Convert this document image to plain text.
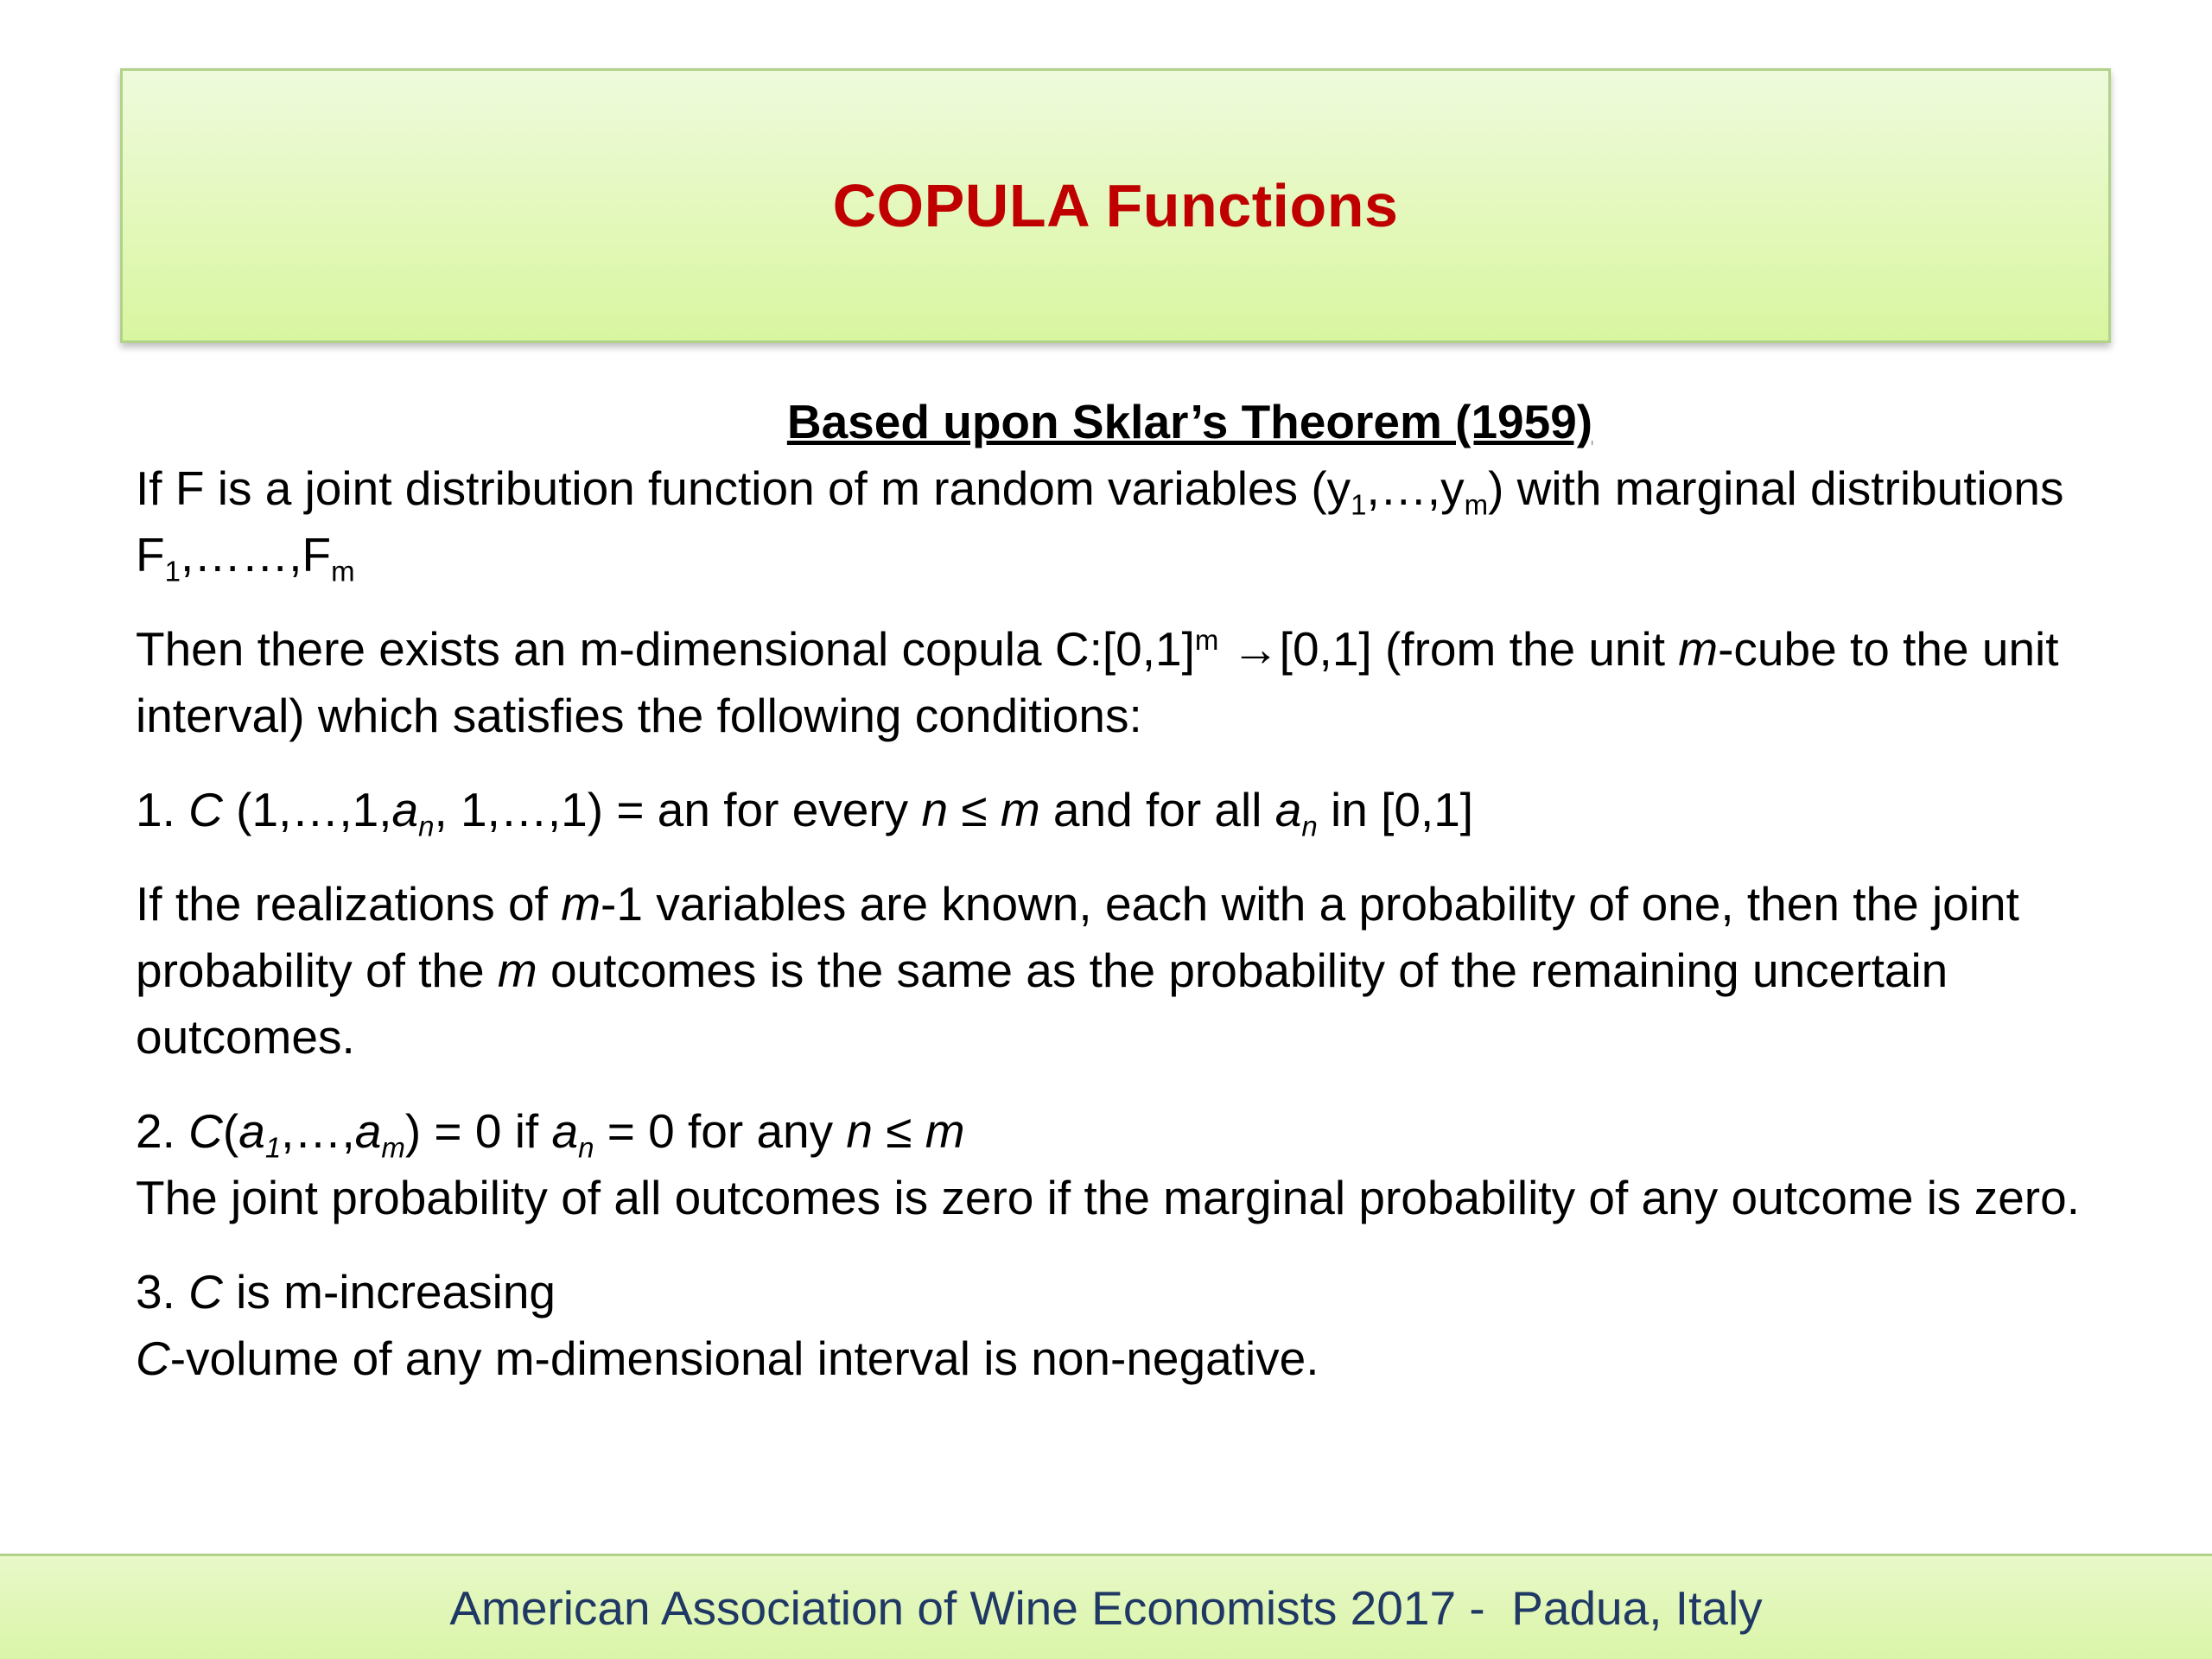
COPULA Functions

Based upon Sklar’s Theorem (1959)

If F is a joint distribution function of m random variables $(y_1,\dots,y_m)$ with marginal distributions $F_1,\dots\dots,F_m$

Then there exists an m-dimensional copula $C:[0,1]^m \to[0,1]$ (from the unit m-cube to the unit interval) which satisfies the following conditions:

1. C ($1,\dots,1,a_n$, 1,…,1) = an for every n ≤ m and for all $a_n$ in [0,1]

If the realizations of m-1 variables are known, each with a probability of one, then the joint probability of the m outcomes is the same as the probability of the remaining uncertain outcomes.

2. $C(a_1,\dots,a_m) = 0$ if $a_n = 0$ for any n ≤ m

The joint probability of all outcomes is zero if the marginal probability of any outcome is zero.

3. C is m-increasing

C-volume of any m-dimensional interval is non-negative.

American Association of Wine Economists 2017 -  Padua, Italy
